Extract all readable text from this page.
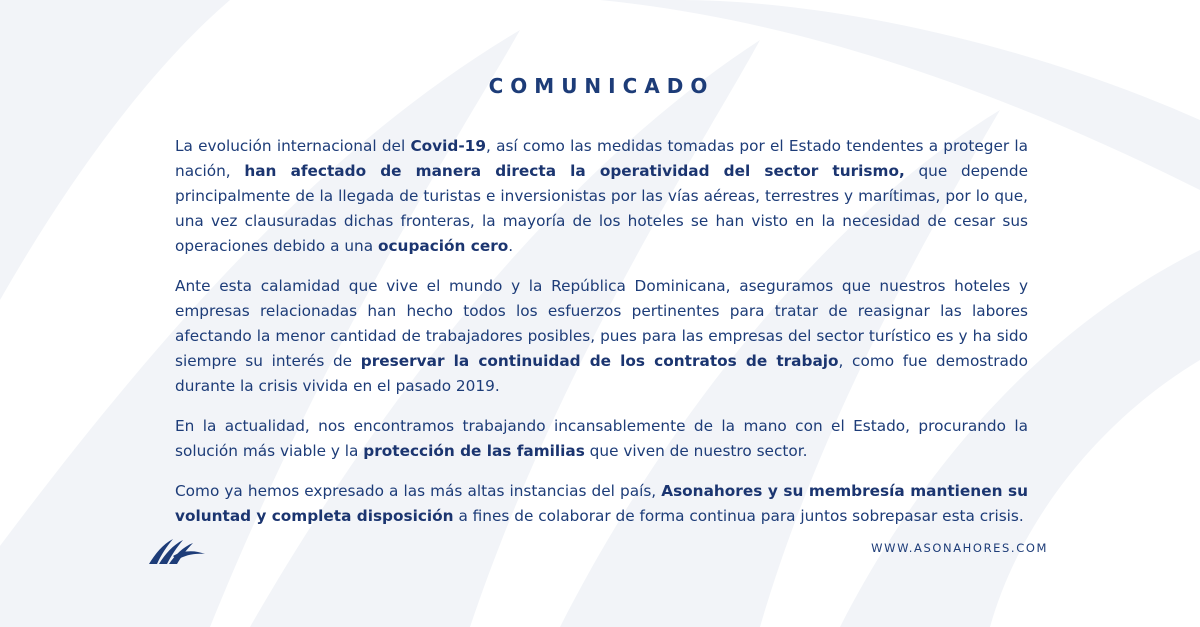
COMUNICADO

La evolución internacional del Covid-19, así como las medidas tomadas por el Estado tendentes a proteger la nación, han afectado de manera directa la operatividad del sector turismo, que depende principalmente de la llegada de turistas e inversionistas por las vías aéreas, terrestres y marítimas, por lo que, una vez clausuradas dichas fronteras, la mayoría de los hoteles se han visto en la necesidad de cesar sus operaciones debido a una ocupación cero.

Ante esta calamidad que vive el mundo y la República Dominicana, aseguramos que nuestros hoteles y empresas relacionadas han hecho todos los esfuerzos pertinentes para tratar de reasignar las labores afectando la menor cantidad de trabajadores posibles, pues para las empresas del sector turístico es y ha sido siempre su interés de preservar la continuidad de los contratos de trabajo, como fue demostrado durante la crisis vivida en el pasado 2019.

En la actualidad, nos encontramos trabajando incansablemente de la mano con el Estado, procurando la solución más viable y la protección de las familias que viven de nuestro sector.

Como ya hemos expresado a las más altas instancias del país, Asonahores y su membresía mantienen su voluntad y completa disposición a fines de colaborar de forma continua para juntos sobrepasar esta crisis.

WWW.ASONAHORES.COM
